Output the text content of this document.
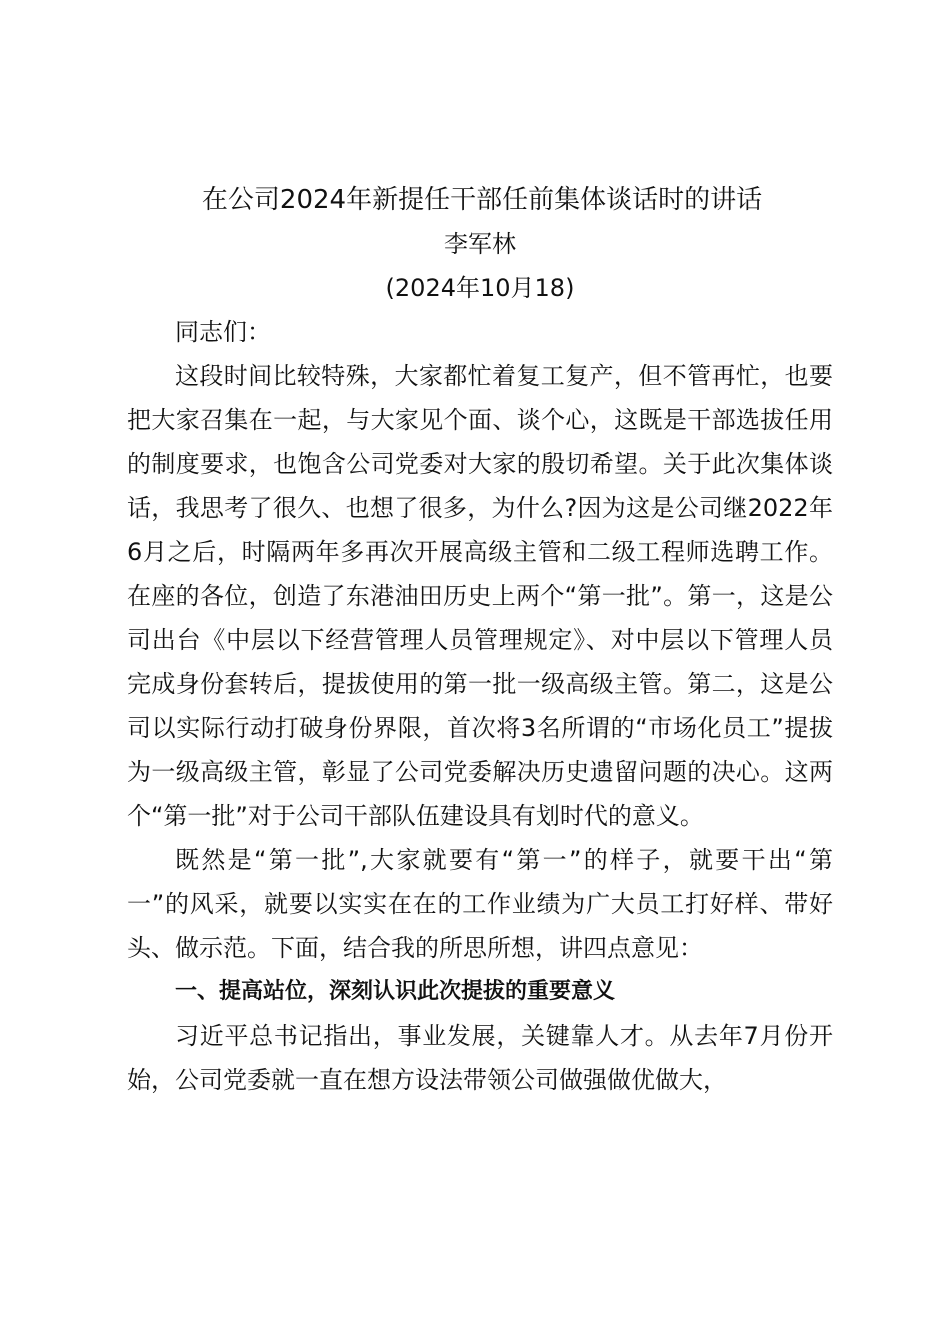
在公司2024年新提任干部任前集体谈话时的讲话
李军林
(2024年10月18)
同志们：

这段时间比较特殊，大家都忙着复工复产，但不管再忙，也要把大家召集在一起，与大家见个面、谈个心，这既是干部选拔任用的制度要求，也饱含公司党委对大家的殷切希望。关于此次集体谈话，我思考了很久、也想了很多，为什么?因为这是公司继2022年6月之后，时隔两年多再次开展高级主管和二级工程师选聘工作。在座的各位，创造了东港油田历史上两个“第一批”。第一，这是公司出台《中层以下经营管理人员管理规定》、对中层以下管理人员完成身份套转后，提拔使用的第一批一级高级主管。第二，这是公司以实际行动打破身份界限，首次将3名所谓的“市场化员工”提拔为一级高级主管，彰显了公司党委解决历史遗留问题的决心。这两个“第一批”对于公司干部队伍建设具有划时代的意义。

既然是“第一批”,大家就要有“第一”的样子，就要干出“第一”的风采，就要以实实在在的工作业绩为广大员工打好样、带好头、做示范。下面，结合我的所思所想，讲四点意见：

一、提高站位，深刻认识此次提拔的重要意义

习近平总书记指出，事业发展，关键靠人才。从去年7月份开始，公司党委就一直在想方设法带领公司做强做优做大，
